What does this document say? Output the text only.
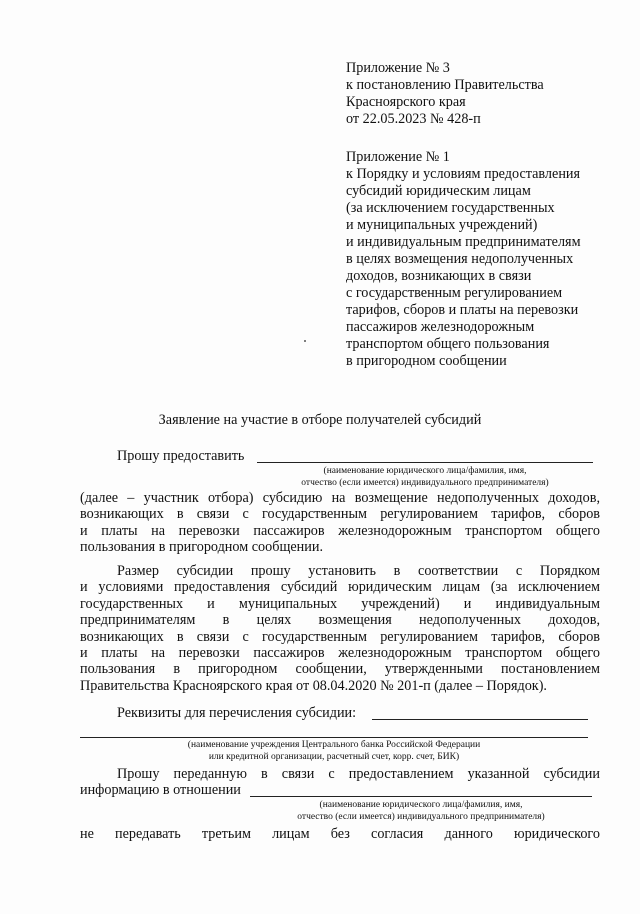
Приложение № 3
к постановлению Правительства
Красноярского края
от 22.05.2023 № 428-п
Приложение № 1
к Порядку и условиям предоставления
субсидий юридическим лицам
(за исключением государственных
и муниципальных учреждений)
и индивидуальным предпринимателям
в целях возмещения недополученных
доходов, возникающих в связи
с государственным регулированием
тарифов, сборов и платы на перевозки
пассажиров железнодорожным
транспортом общего пользования
в пригородном сообщении
Заявление на участие в отборе получателей субсидий
Прошу предоставить
(наименование юридического лица/фамилия, имя,
отчество (если имеется) индивидуального предпринимателя)
(далее – участник отбора) субсидию на возмещение недополученных доходов,
возникающих в связи с государственным регулированием тарифов, сборов
и платы на перевозки пассажиров железнодорожным транспортом общего
пользования в пригородном сообщении.
Размер субсидии прошу установить в соответствии с Порядком
и условиями предоставления субсидий юридическим лицам (за исключением
государственных и муниципальных учреждений) и индивидуальным
предпринимателям в целях возмещения недополученных доходов,
возникающих в связи с государственным регулированием тарифов, сборов
и платы на перевозки пассажиров железнодорожным транспортом общего
пользования в пригородном сообщении, утвержденными постановлением
Правительства Красноярского края от 08.04.2020 № 201-п (далее – Порядок).
Реквизиты для перечисления субсидии:
(наименование учреждения Центрального банка Российской Федерации
или кредитной организации, расчетный счет, корр. счет, БИК)
Прошу переданную в связи с предоставлением указанной субсидии
информацию в отношении
(наименование юридического лица/фамилия, имя,
отчество (если имеется) индивидуального предпринимателя)
не передавать третьим лицам без согласия данного юридического
